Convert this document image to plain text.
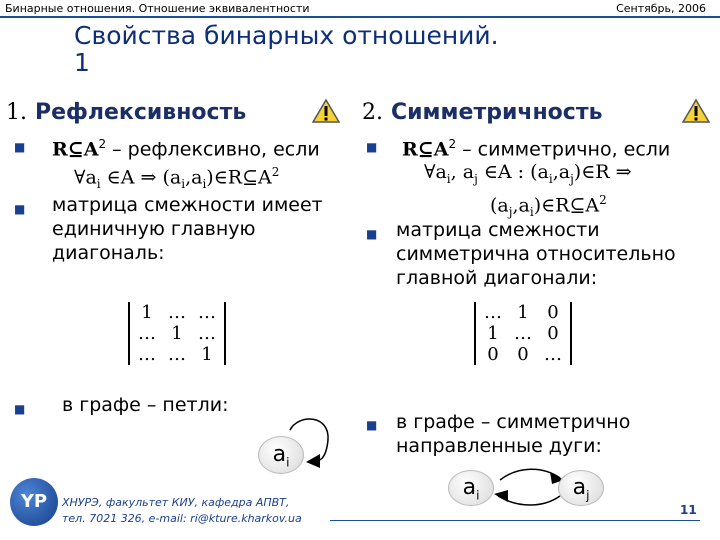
Бинарные отношения. Отношение эквивалентности	Сентябрь, 2006
Свойства бинарных отношений.
1
1. Рефлексивность
■ $R⊆A^2$ – рефлексивно, если
$\forall a_i$ ∈A ⇒ $(a_i,a_i)\in R⊆A^2$
■ матрица смежности имеет
единичную главную
диагональ:
1	…	…
…	1	…
…	…	1
■ в графе – петли:
$a_i$
2. Симметричность
■ $R⊆A^2$ – симметрично, если
$\forall a_i$, $a_j$ ∈A : $(a_i,a_j)\in R$ ⇒
$(a_j,a_i)\in R⊆A^2$
■ матрица смежности
симметрична относительно
главной диагонали:
…	1	0
1	…	0
0	0	…
■ в графе – симметрично
направленные дуги:
$a_i$	$a_j$
YP	ХНУРЭ, факультет КИУ, кафедра АПВТ,
тел. 7021 326, e-mail: ri@kture.kharkov.ua
11
